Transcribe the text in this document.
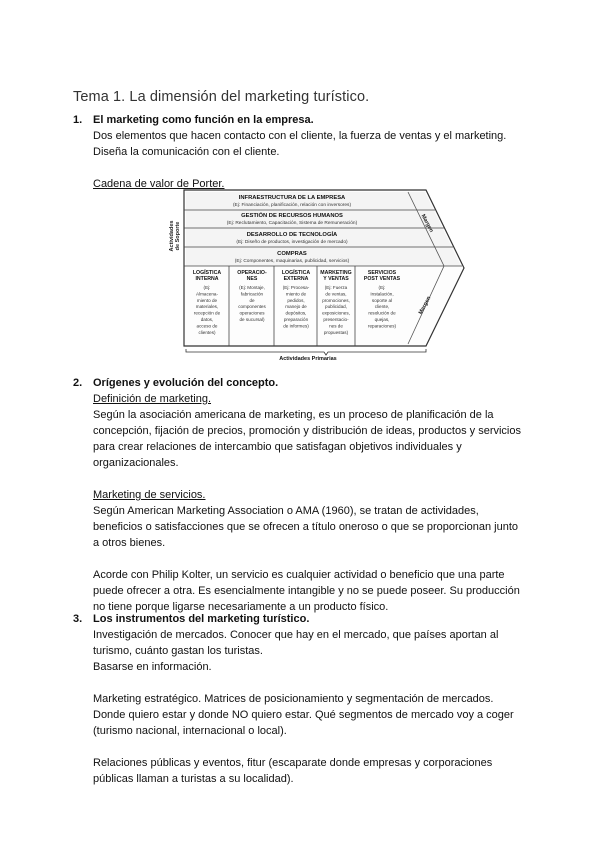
Tema 1. La dimensión del marketing turístico.
1. El marketing como función en la empresa.

Dos elementos que hacen contacto con el cliente, la fuerza de ventas y el marketing.

Diseña la comunicación con el cliente.

Cadena de valor de Porter.

Actividades de Soporte
INFRAESTRUCTURA DE LA EMPRESA
(Ej: Financiación, planificación, relación con inversores)
GESTIÓN DE RECURSOS HUMANOS
(Ej: Reclutamiento, Capacitación, Sistema de Remuneración)
DESARROLLO DE TECNOLOGÍA
(Ej: Diseño de productos, investigación de mercado)
COMPRAS
(Ej: Componentes, maquinarias, publicidad, servicios)
Margen
Margen
LOGÍSTICA
INTERNA
(Ej:
Almacena-
miento de
materiales,
recepción de
datos,
acceso de
clientes)
OPERACIO-
NES
(Ej: Montaje,
fabricación
de
componentes
operaciones
de sucursal)
LOGÍSTICA
EXTERNA
(Ej: Procesa-
miento de
pedidos,
manejo de
depósitos,
preparación
de informes)
MARKETING
Y VENTAS
(Ej: Fuerza
de ventas,
promociones,
publicidad,
exposiciones,
presentacio-
nes de
propuestas)
SERVICIOS
POST VENTAS
(Ej:
Instalación,
soporte al
cliente,
resolución de
quejas,
reparaciones)
Actividades Primarias
2. Orígenes y evolución del concepto.

Definición de marketing.

Según la asociación americana de marketing, es un proceso de planificación de la

concepción, fijación de precios, promoción y distribución de ideas, productos y servicios

para crear relaciones de intercambio que satisfagan objetivos individuales y

organizacionales.

Marketing de servicios.

Según American Marketing Association o AMA (1960), se tratan de actividades,

beneficios o satisfacciones que se ofrecen a título oneroso o que se proporcionan junto

a otros bienes.

Acorde con Philip Kolter, un servicio es cualquier actividad o beneficio que una parte

puede ofrecer a otra. Es esencialmente intangible y no se puede poseer. Su producción

no tiene porque ligarse necesariamente a un producto físico.

3. Los instrumentos del marketing turístico.

Investigación de mercados. Conocer que hay en el mercado, que países aportan al

turismo, cuánto gastan los turistas.

Basarse en información.

Marketing estratégico. Matrices de posicionamiento y segmentación de mercados.

Donde quiero estar y donde NO quiero estar. Qué segmentos de mercado voy a coger

(turismo nacional, internacional o local).

Relaciones públicas y eventos, fitur (escaparate donde empresas y corporaciones

públicas llaman a turistas a su localidad).
